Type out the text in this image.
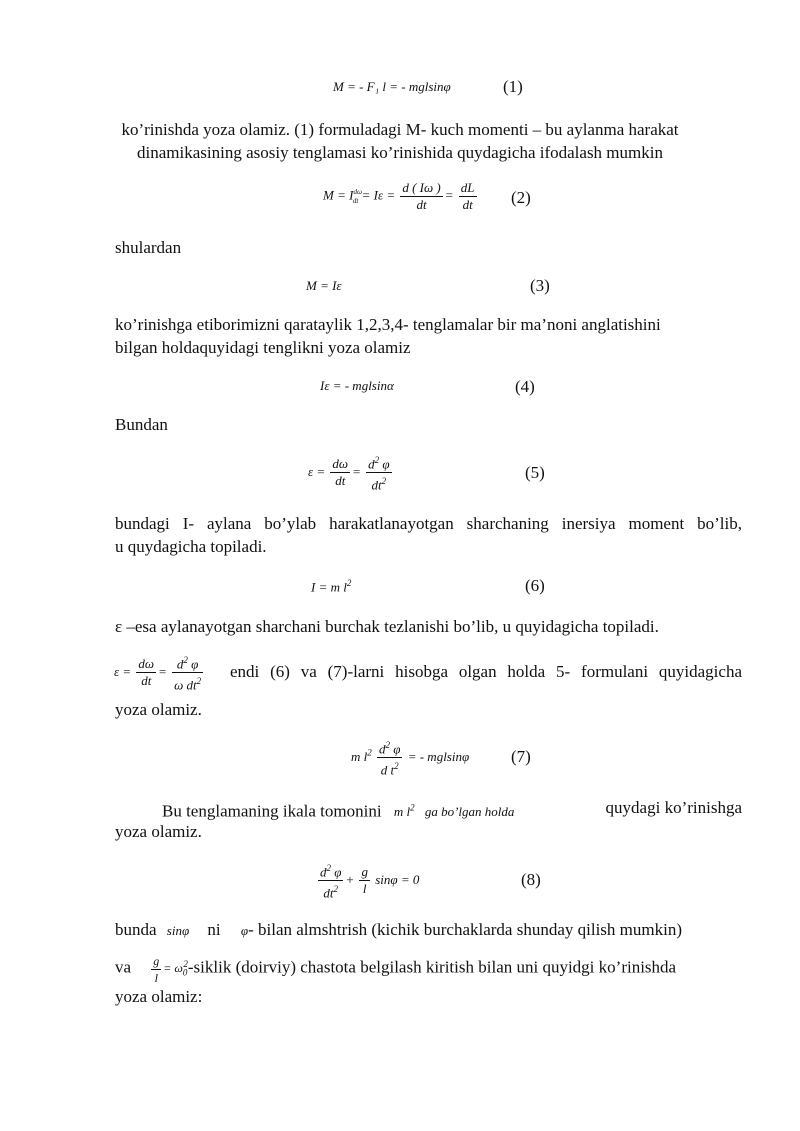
M = - F₁ l = - mglsinφ	(1)
ko’rinishda yoza olamiz. (1) formuladagi M- kuch momenti – bu aylanma harakat
dinamikasining asosiy tenglamasi ko’rinishida quydagicha ifodalash mumkin
$M = I^{d\omega}_{dt} = I\varepsilon = \frac{d ( I\omega )}{dt} = \frac{dL}{dt} (2)$
shulardan
M = Iε	(3)
ko’rinishga etiborimizni qarataylik 1,2,3,4- tenglamalar bir ma’noni anglatishini
bilgan holdaquyidagi tenglikni yoza olamiz
Iε = - mglsinα	(4)
Bundan
$\varepsilon = \frac{d\omega}{dt} = \frac{d^2 \varphi}{dt^2}$	(5)
bundagi I- aylana bo’ylab harakatlanayotgan sharchaning inersiya moment bo’lib,
u quydagicha topiladi.
I = m $l^2$	(6)
ε –esa aylanayotgan sharchani burchak tezlanishi bo’lib, u quyidagicha topiladi.
$\varepsilon = \frac{d\omega}{dt} = \frac{d^2 \varphi}{\omega dt^2}$ endi (6) va (7)-larni hisobga olgan holda 5- formulani quyidagicha
yoza olamiz.
m $l^2 \frac{d^2 \varphi}{d t^2}$ = - mglsinφ (7)
Bu tenglamaning ikala tomonini m $l^2$ ga bo’lgan holda	quydagi ko’rinishga
yoza olamiz.
$\frac{d^2 \varphi}{dt^2} + \frac{g}{l}$ sinφ = 0	(8)
bunda sinφ ni φ- bilan almshtrish (kichik burchaklarda shunday qilish mumkin)
va $\frac{g}{l}$ = $\omega_0^2$-siklik (doirviy) chastota belgilash kiritish bilan uni quyidgi ko’rinishda
yoza olamiz:
